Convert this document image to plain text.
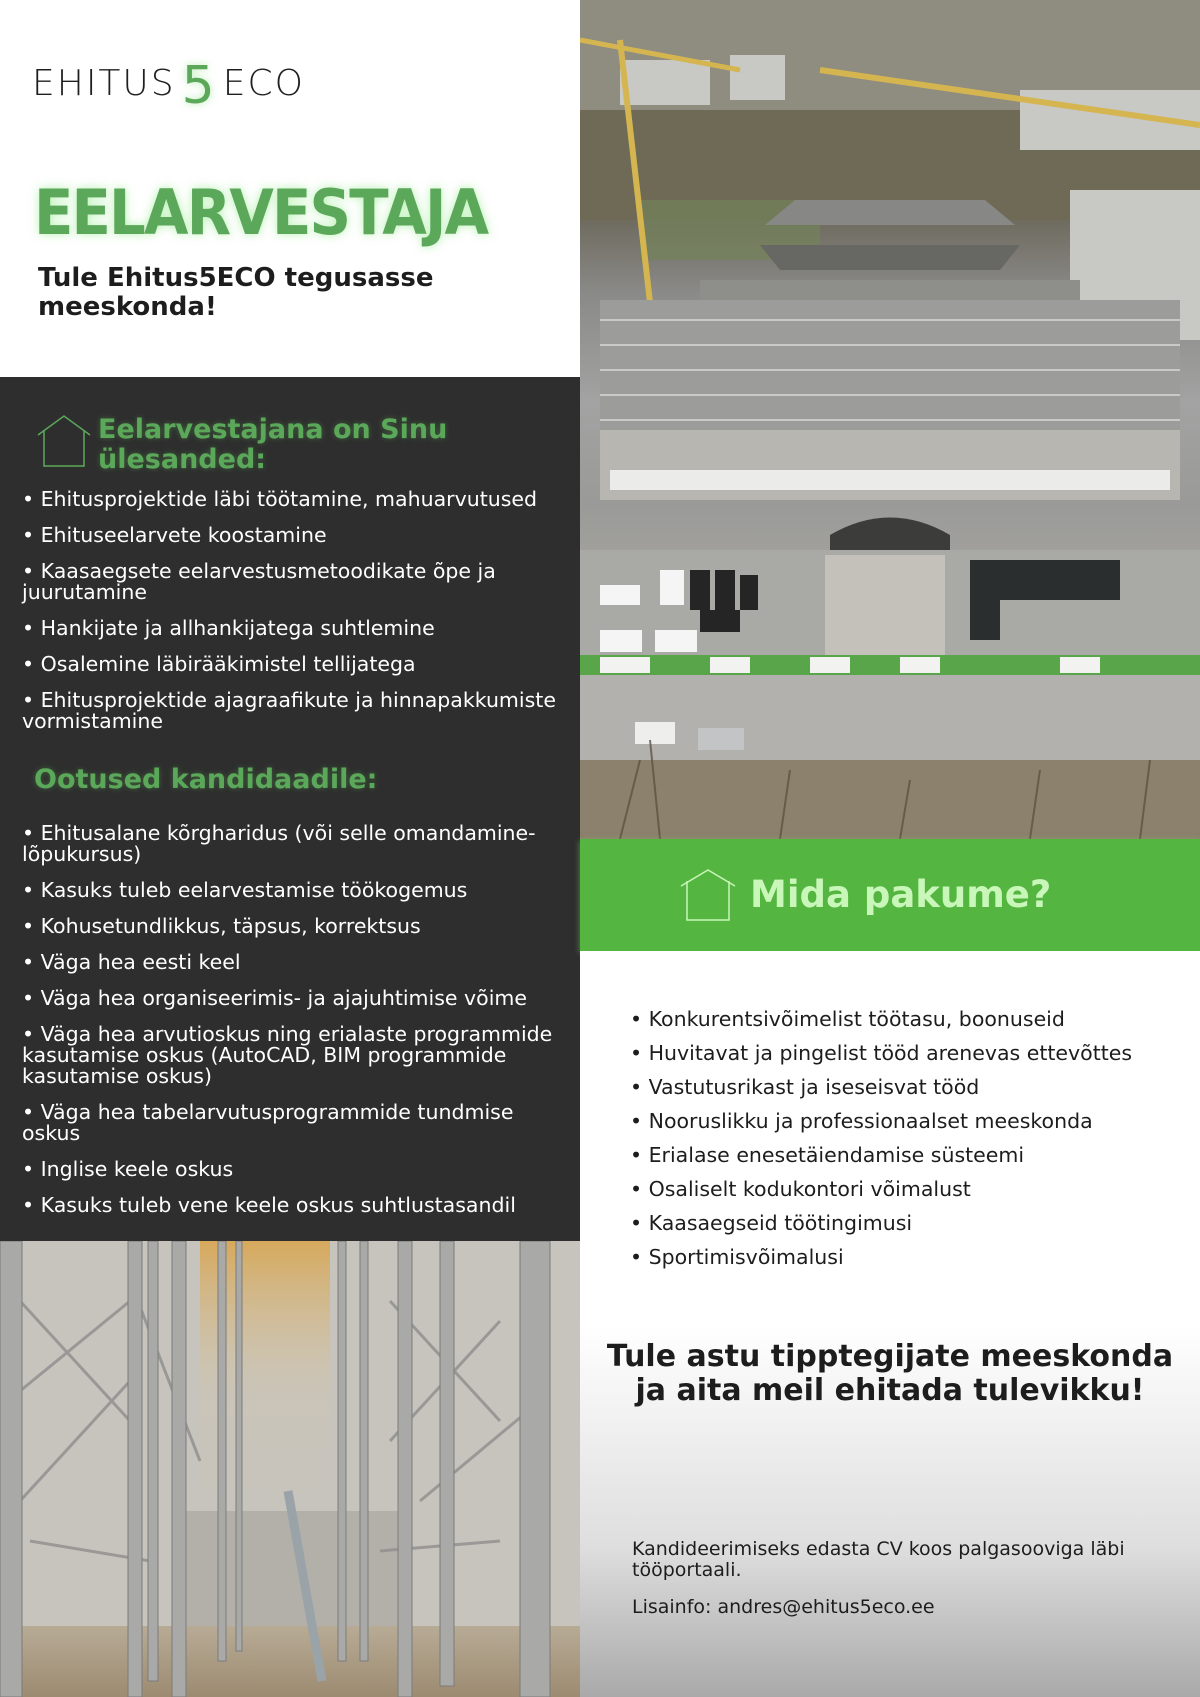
EHITUS 5 ECO
EELARVESTAJA
Tule Ehitus5ECO tegusasse meeskonda!
Eelarvestajana on Sinu ülesanded:
• Ehitusprojektide läbi töötamine, mahuarvutused
• Ehituseelarvete koostamine
• Kaasaegsete eelarvestusmetoodikate õpe ja juurutamine
• Hankijate ja allhankijatega suhtlemine
• Osalemine läbirääkimistel tellijatega
• Ehitusprojektide ajagraafikute ja hinnapakkumiste vormistamine
Ootused kandidaadile:
• Ehitusalane kõrgharidus (või selle omandamine- lõpukursus)
• Kasuks tuleb eelarvestamise töökogemus
• Kohusetundlikkus, täpsus, korrektsus
• Väga hea eesti keel
• Väga hea organiseerimis- ja ajajuhtimise võime
• Väga hea arvutioskus ning erialaste programmide kasutamise oskus (AutoCAD, BIM programmide kasutamise oskus)
• Väga hea tabelarvutusprogrammide tundmise oskus
• Inglise keele oskus
• Kasuks tuleb vene keele oskus suhtlustasandil
Mida pakume?
• Konkurentsivõimelist töötasu, boonuseid
• Huvitavat ja pingelist tööd arenevas ettevõttes
• Vastutusrikast ja iseseisvat tööd
• Nooruslikku ja professionaalset meeskonda
• Erialase enesetäiendamise süsteemi
• Osaliselt kodukontori võimalust
• Kaasaegseid töötingimusi
• Sportimisvõimalusi
Tule astu tipptegijate meeskonda
ja aita meil ehitada tulevikku!
Kandideerimiseks edasta CV koos palgasooviga läbi tööportaali.
Lisainfo: andres@ehitus5eco.ee
